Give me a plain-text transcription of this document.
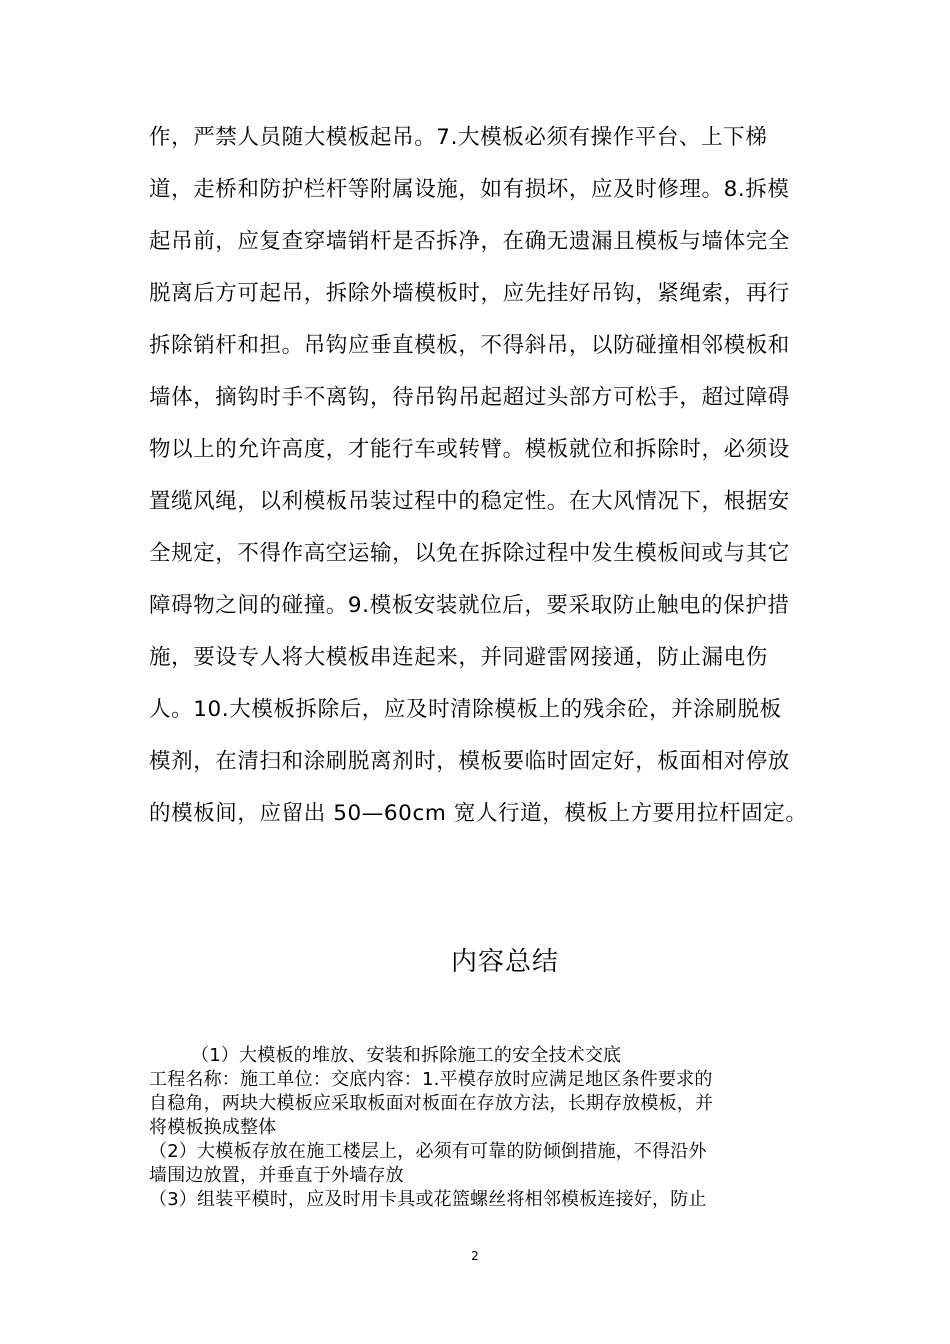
作，严禁人员随大模板起吊。7.大模板必须有操作平台、上下梯
道，走桥和防护栏杆等附属设施，如有损坏，应及时修理。8.拆模
起吊前，应复查穿墙销杆是否拆净，在确无遗漏且模板与墙体完全
脱离后方可起吊，拆除外墙模板时，应先挂好吊钩，紧绳索，再行
拆除销杆和担。吊钩应垂直模板，不得斜吊，以防碰撞相邻模板和
墙体，摘钩时手不离钩，待吊钩吊起超过头部方可松手，超过障碍
物以上的允许高度，才能行车或转臂。模板就位和拆除时，必须设
置缆风绳，以利模板吊装过程中的稳定性。在大风情况下，根据安
全规定，不得作高空运输，以免在拆除过程中发生模板间或与其它
障碍物之间的碰撞。9.模板安装就位后，要采取防止触电的保护措
施，要设专人将大模板串连起来，并同避雷网接通，防止漏电伤
人。10.大模板拆除后，应及时清除模板上的残余砼，并涂刷脱板
模剂，在清扫和涂刷脱离剂时，模板要临时固定好，板面相对停放
的模板间，应留出 50—60cm 宽人行道，模板上方要用拉杆固定。
内容总结
（1）大模板的堆放、安装和拆除施工的安全技术交底
工程名称：施工单位：交底内容：1.平模存放时应满足地区条件要求的
自稳角，两块大模板应采取板面对板面在存放方法，长期存放模板，并
将模板换成整体
（2）大模板存放在施工楼层上，必须有可靠的防倾倒措施，不得沿外
墙围边放置，并垂直于外墙存放
（3）组装平模时，应及时用卡具或花篮螺丝将相邻模板连接好，防止
2
